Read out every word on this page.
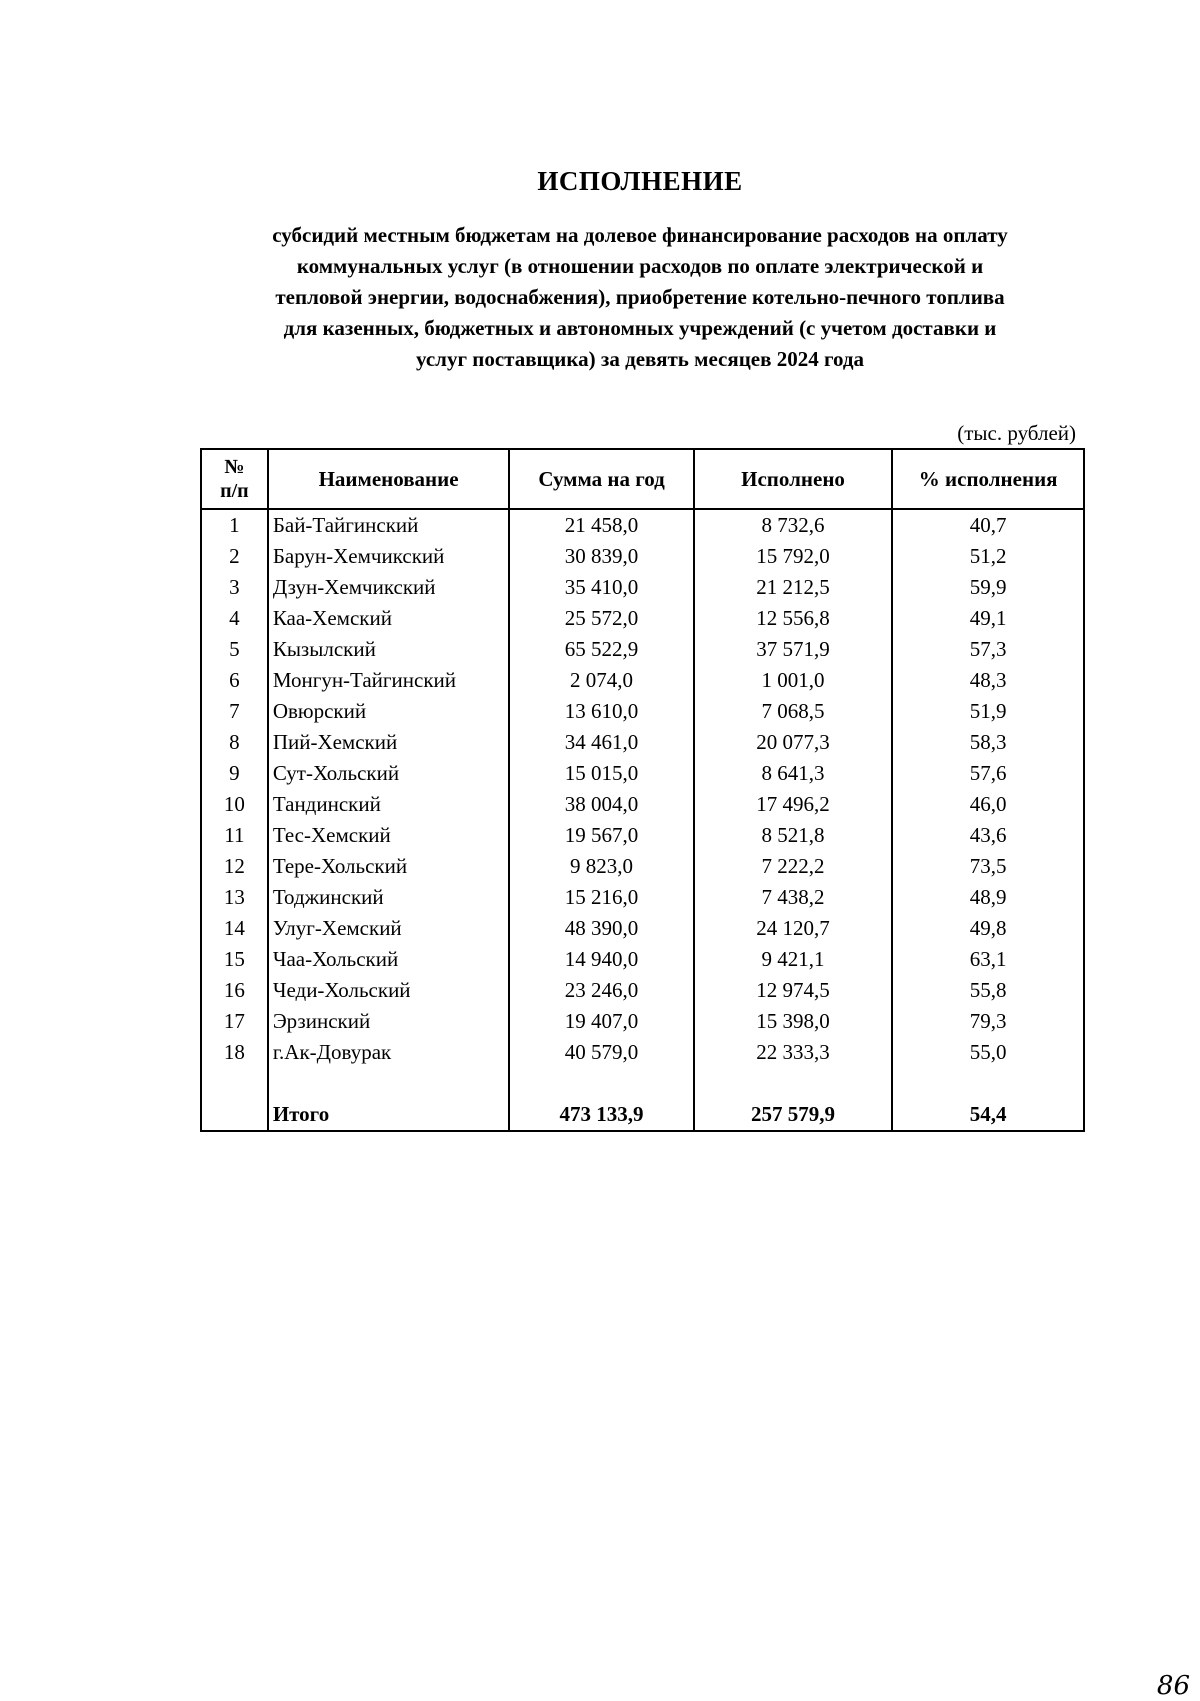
ИСПОЛНЕНИЕ
субсидий местным бюджетам на долевое финансирование расходов на оплату
коммунальных услуг (в отношении расходов по оплате электрической и
тепловой энергии, водоснабжения), приобретение котельно-печного топлива
для казенных, бюджетных и автономных учреждений (с учетом доставки и
услуг поставщика) за девять месяцев 2024 года
(тыс. рублей)
№
п/п	Наименование	Сумма на год	Исполнено	% исполнения
1	Бай-Тайгинский	21 458,0	8 732,6	40,7
2	Барун-Хемчикский	30 839,0	15 792,0	51,2
3	Дзун-Хемчикский	35 410,0	21 212,5	59,9
4	Каа-Хемский	25 572,0	12 556,8	49,1
5	Кызылский	65 522,9	37 571,9	57,3
6	Монгун-Тайгинский	2 074,0	1 001,0	48,3
7	Овюрский	13 610,0	7 068,5	51,9
8	Пий-Хемский	34 461,0	20 077,3	58,3
9	Сут-Хольский	15 015,0	8 641,3	57,6
10	Тандинский	38 004,0	17 496,2	46,0
11	Тес-Хемский	19 567,0	8 521,8	43,6
12	Тере-Хольский	9 823,0	7 222,2	73,5
13	Тоджинский	15 216,0	7 438,2	48,9
14	Улуг-Хемский	48 390,0	24 120,7	49,8
15	Чаа-Хольский	14 940,0	9 421,1	63,1
16	Чеди-Хольский	23 246,0	12 974,5	55,8
17	Эрзинский	19 407,0	15 398,0	79,3
18	г.Ак-Довурак	40 579,0	22 333,3	55,0

	Итого	473 133,9	257 579,9	54,4
86
